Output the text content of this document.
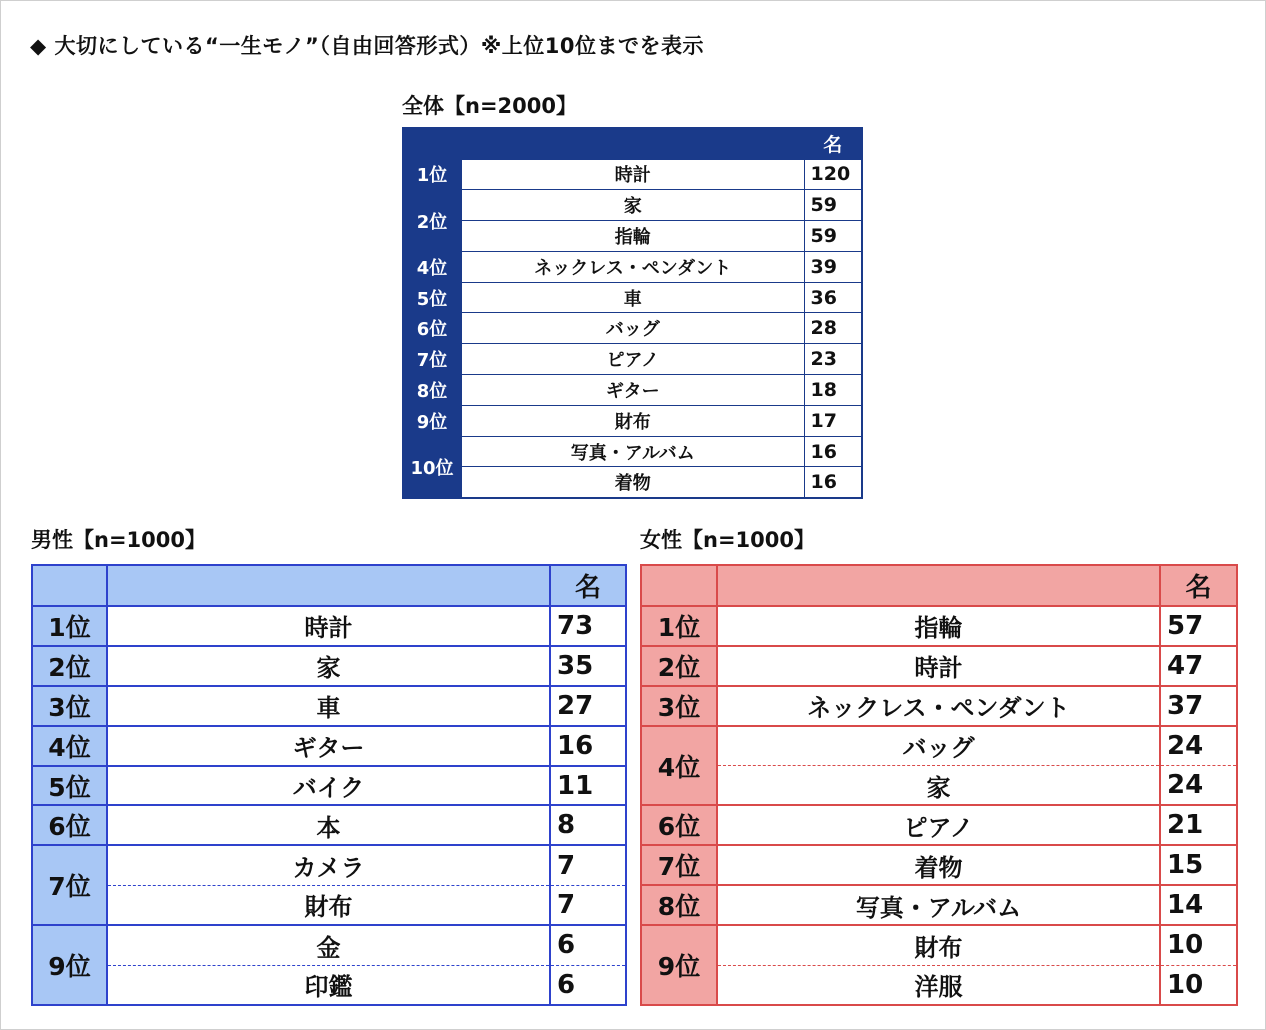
◆ 大切にしている“一生モノ”（自由回答形式）※上位10位までを表示
全体【n=2000】
		名
1位	時計	120
2位	家	59
	指輪	59
4位	ネックレス・ペンダント	39
5位	車	36
6位	バッグ	28
7位	ピアノ	23
8位	ギター	18
9位	財布	17
10位	写真・アルバム	16
	着物	16
男性【n=1000】
		名
1位	時計	73
2位	家	35
3位	車	27
4位	ギター	16
5位	バイク	11
6位	本	8
7位	カメラ	7
	財布	7
9位	金	6
	印鑑	6
女性【n=1000】
		名
1位	指輪	57
2位	時計	47
3位	ネックレス・ペンダント	37
4位	バッグ	24
	家	24
6位	ピアノ	21
7位	着物	15
8位	写真・アルバム	14
9位	財布	10
	洋服	10
